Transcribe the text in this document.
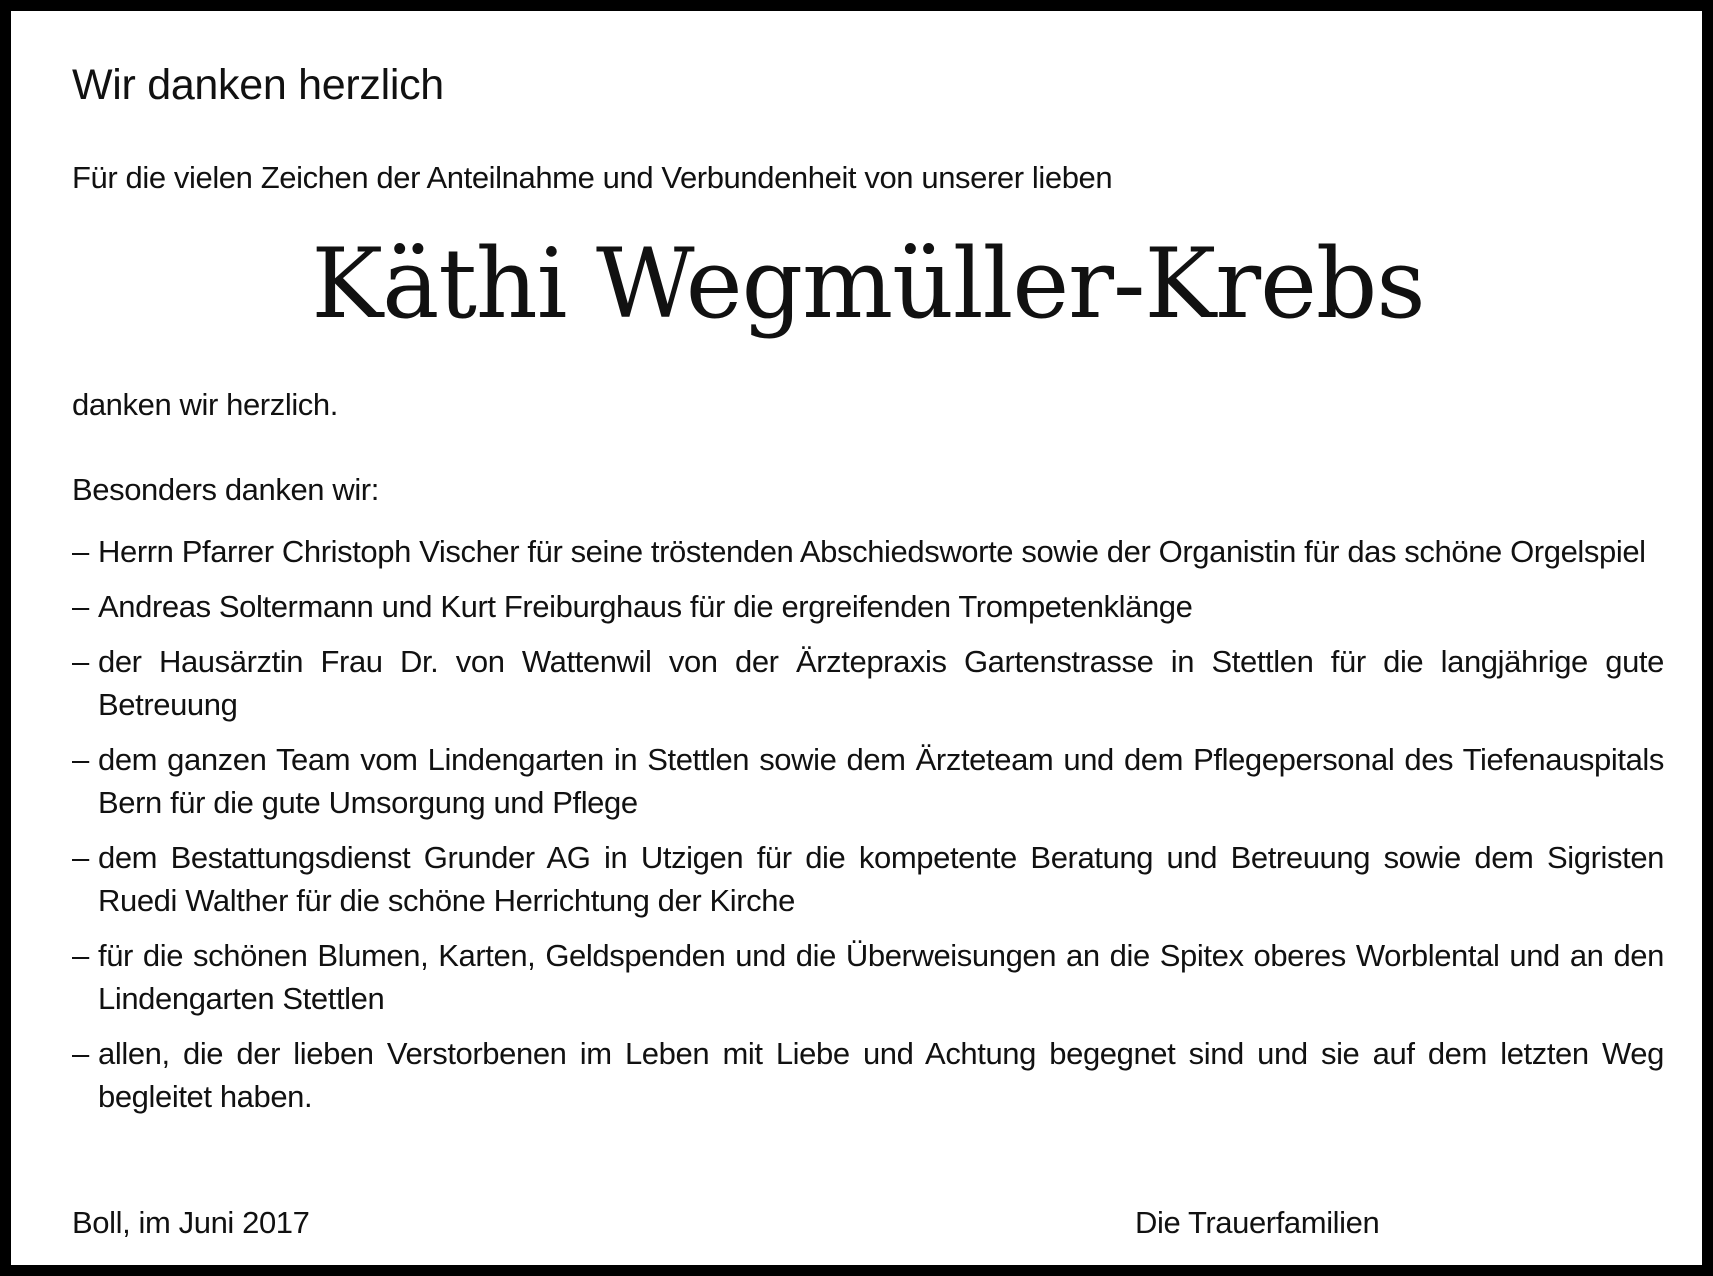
Wir danken herzlich
Für die vielen Zeichen der Anteilnahme und Verbundenheit von unserer lieben
Käthi Wegmüller-Krebs
danken wir herzlich.
Besonders danken wir:
– Herrn Pfarrer Christoph Vischer für seine tröstenden Abschiedsworte sowie der Organistin für das schöne Orgelspiel
– Andreas Soltermann und Kurt Freiburghaus für die ergreifenden Trompetenklänge
– der Hausärztin Frau Dr. von Wattenwil von der Ärztepraxis Gartenstrasse in Stettlen für die langjährige gute Betreuung
– dem ganzen Team vom Lindengarten in Stettlen sowie dem Ärzteteam und dem Pflegepersonal des Tiefenauspitals Bern für die gute Umsorgung und Pflege
– dem Bestattungsdienst Grunder AG in Utzigen für die kompetente Beratung und Betreuung sowie dem Sigristen Ruedi Walther für die schöne Herrichtung der Kirche
– für die schönen Blumen, Karten, Geldspenden und die Überweisungen an die Spitex oberes Worblental und an den Lindengarten Stettlen
– allen, die der lieben Verstorbenen im Leben mit Liebe und Achtung begegnet sind und sie auf dem letzten Weg begleitet haben.
Boll, im Juni 2017	Die Trauerfamilien
